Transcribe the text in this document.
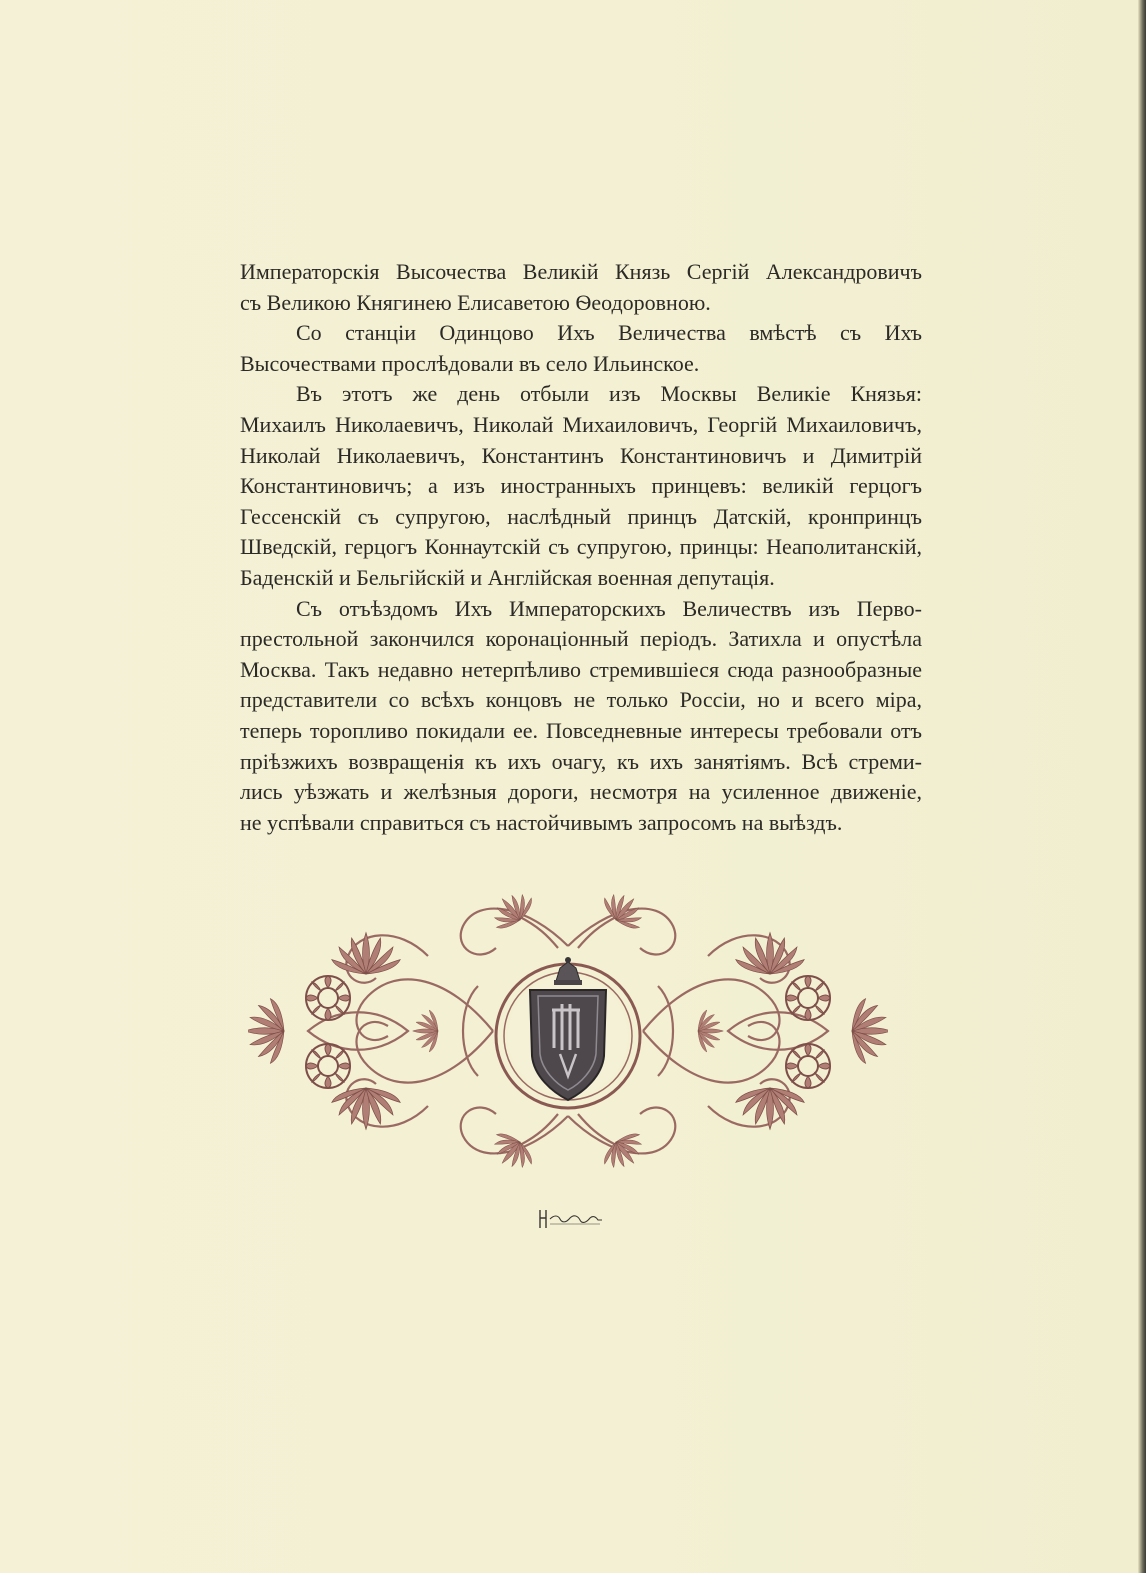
Императорскія Высочества Великій Князь Сергій Александровичъ
съ Великою Княгинею Елисаветою Ѳеодоровною.

Со станціи Одинцово Ихъ Величества вмѣстѣ съ Ихъ
Высочествами прослѣдовали въ село Ильинское.

Въ этотъ же день отбыли изъ Москвы Великіе Князья:
Михаилъ Николаевичъ, Николай Михаиловичъ, Георгій Михаиловичъ,
Николай Николаевичъ, Константинъ Константиновичъ и Димитрій
Константиновичъ; а изъ иностранныхъ принцевъ: великій герцогъ
Гессенскій съ супругою, наслѣдный принцъ Датскій, кронпринцъ
Шведскій, герцогъ Коннаутскій съ супругою, принцы: Неаполитанскій,
Баденскій и Бельгійскій и Англійская военная депутація.

Съ отъѣздомъ Ихъ Императорскихъ Величествъ изъ Перво-
престольной закончился коронаціонный періодъ. Затихла и опустѣла
Москва. Такъ недавно нетерпѣливо стремившіеся сюда разнообразные
представители со всѣхъ концовъ не только Россіи, но и всего міра,
теперь торопливо покидали ее. Повседневные интересы требовали отъ
пріѣзжихъ возвращенія къ ихъ очагу, къ ихъ занятіямъ. Всѣ стреми-
лись уѣзжать и желѣзныя дороги, несмотря на усиленное движеніе,
не успѣвали справиться съ настойчивымъ запросомъ на выѣздъ.
